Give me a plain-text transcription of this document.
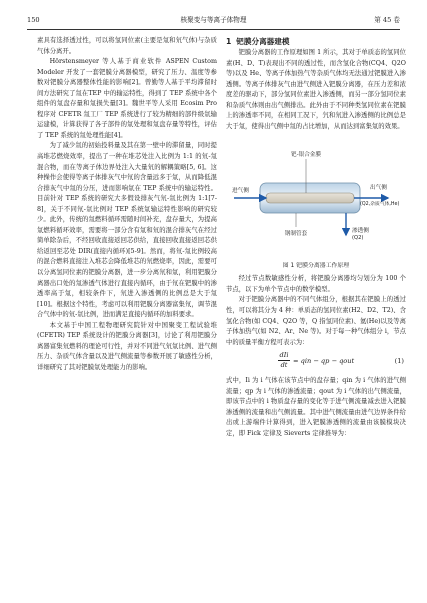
150	核聚变与等离子体物理	第 45 卷

素具有选择透过性，可以将氢同位素(主要是氚和氘气体)与杂质气体分离开。

Hörstensmeyer 等人基于商业软件 ASPEN Custom Modeler 开发了一套钯膜分离器模型，研究了压力、温度等参数对钯膜分离器整体性能的影响[2]。曾勤等人基于平均滞留时间方法研究了氚在TEP 中的输运特性，得到了 TEP 系统中各个组件的氚盘存量和氚损失量[3]。魏世平等人采用 Ecosim Pro 程序对 CFETR 氚工厂 TEP 系统进行了较为精细的部件级氚输运建模，计算获得了各子部件的氚处理和氚盘存量等特性，评估了 TEP 系统的氚处理性能[4]。

为了减少氚的初始投料量及其在第一壁中的滞留量，同时提高堆芯燃烧效率，提出了一种在堆芯处注入比例为 1:1 的氘-氚混合物，而在等离子体边界处注入大量氘的解耦策略[5, 6]。这种操作会使得等离子体排灰气中氘的含量远多于氚，从而降低混合排灰气中氚的分压，进而影响氚在 TEP 系统中的输运特性。目前针对 TEP 系统的研究大多假设排灰气氘-氚比例为 1:1[7-8]，关于不同氘-氚比例对 TEP 系统氚输运特性影响的研究较少。此外，传统的氚燃料循环需随时间补充，盘存量大，为提高氚燃料循环效率，需要将一部分含有氚和氘的混合排灰气在经过简单除杂后，不经回收直接返回芯供给，直接回收直接返回芯供给返回至芯处 DIR(直接内循环)[5-9]。然而，将氘-氚比例较高的混合燃料直接注入堆芯会降低堆芯的氘燃烧率，因此，需要可以分离氢同位素的钯膜分离器，进一步分离氘和氚，利用钯膜分离器出口处的氚渗透气体进行直接内循环，由于氘在钯膜中的渗透率高于氚，相较条件下，氘进入渗透侧的比例总是大于氚[10]。根据这个特性，考虑可以利用钯膜分离器富集氘，调节混合气体中的氘-氚比例，进而满足直接内循环的加料要求。

本文基于中国工程物理研究院针对中国聚变工程试验堆(CFETR) TEP 系统设计的钯膜分离器[3]，讨论了利用钯膜分离器富集氘燃料的理论可行性，并对不同进气氘氚比例、进气侧压力、杂质气体含量以及进气侧流量等参数开展了敏感性分析，详细研究了其对钯膜氚处理能力的影响。

1 钯膜分离器建模

钯膜分离器的工作原理如图 1 所示，其对于单质态的氢同位素(H、D、T)表现出不同的透过性，而含氢化合物(CQ4、Q2O 等)以及 He、等离子体加热气等杂质气体均无法通过钯膜进入渗透侧。等离子体排灰气由进气侧进入钯膜分离器，在压力差和浓度差的驱动下，部分氢同位素进入渗透侧，而另一部分氢同位素和杂质气体则由出气侧排出。此外由于不同种类氢同位素在钯膜上的渗透率不同，在相同工况下，氕和氘进入渗透侧的比例总是大于氚，使得出气侧中氚的占比增加，从而达到富集氚的效果。

钯-银合金膜
进气侧	出气侧
(Q2,杂质气体,He)
渗透侧
(Q2)
钢制管套
图 1 钯膜分离器工作原理

经过节点数敏感性分析，将钯膜分离器均匀划分为 100 个节点，以下为单个节点中的数学模型。

对于钯膜分离器中的不同气体组分，根据其在钯膜上的透过性，可以将其分为 4 种：单质态的氢同位素(H2、D2、T2)、含氢化合物(如 CQ4、Q2O 等，Q 指氢同位素)、氦(He)以及等离子体加热气(如 N2、Ar、Ne 等)。对于每一种气体组分 i，节点中的质量平衡方程可表示为：

dIi
dt
= qin − qp − qout	(1)

式中，Ii 为 i 气体在该节点中的盘存量；qin 为 i 气体的进气侧流量；qp 为 i 气体的渗透流量；qout 为 i 气体的出气侧流量，即该节点中的 i 物质盘存量的变化等于进气侧流量减去进入钯膜渗透侧的流量和出气侧流量。其中进气侧流量由进气边界条件给出或上游端件计算得到，进入钯膜渗透侧的流量由该膜模块决定，即 Fick 定律及 Sieverts 定律推导为：
